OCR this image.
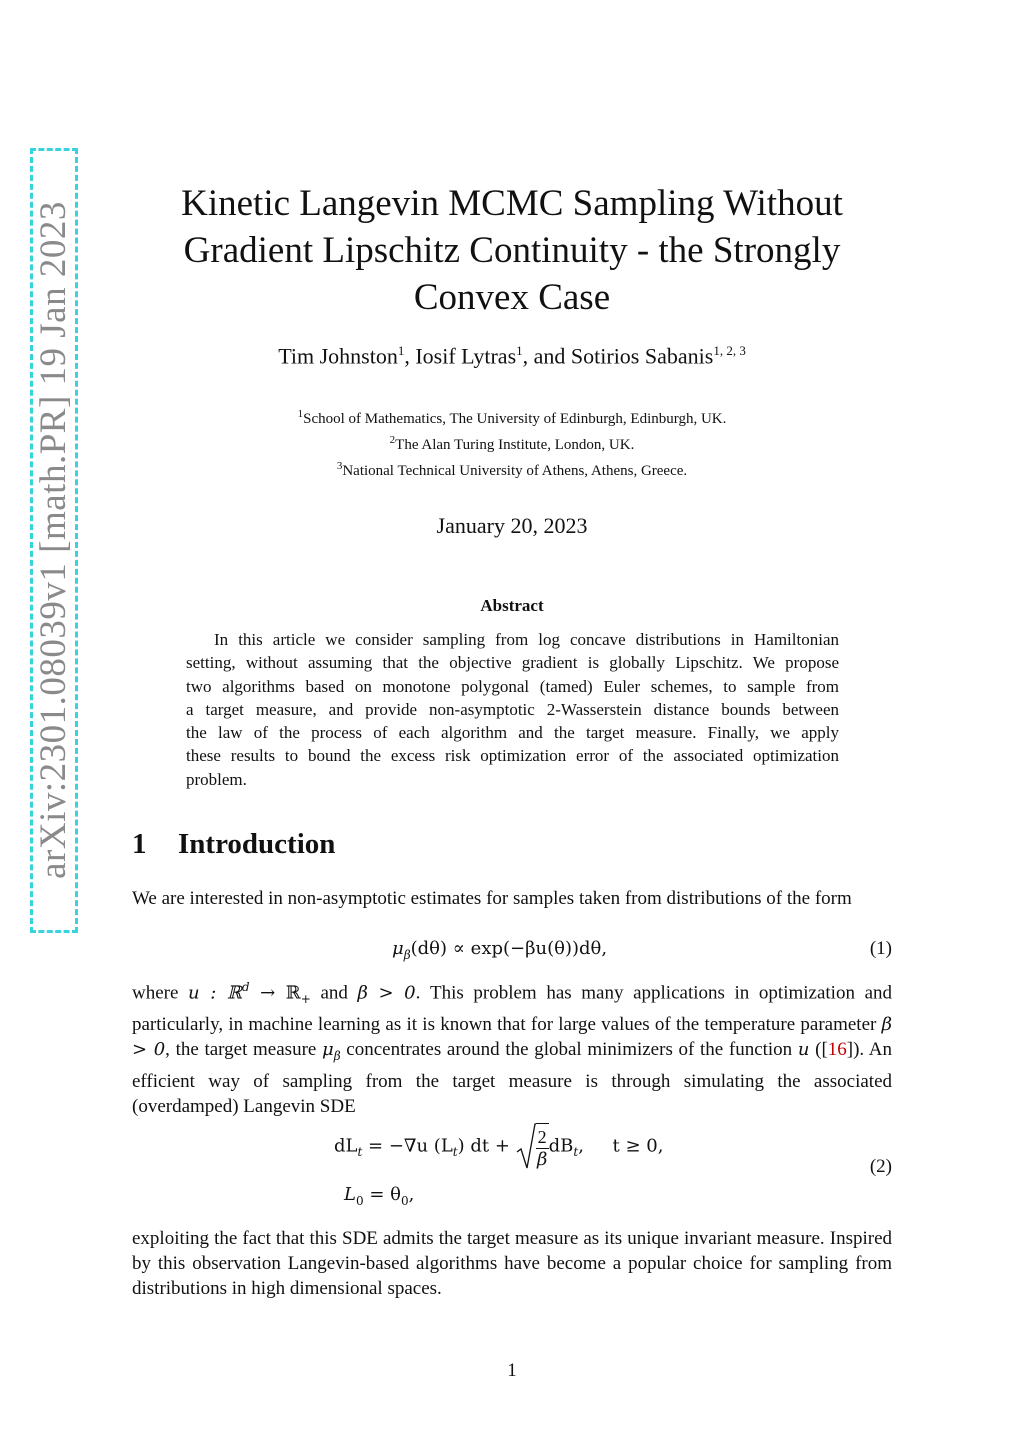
arXiv:2301.08039v1 [math.PR] 19 Jan 2023	Kinetic Langevin MCMC Sampling Without
Gradient Lipschitz Continuity - the Strongly
Convex Case
Tim Johnston$^1$, Iosif Lytras$^1$, and Sotirios Sabanis$^{1, 2, 3}$
$^1$School of Mathematics, The University of Edinburgh, Edinburgh, UK.
$^2$The Alan Turing Institute, London, UK.
$^3$National Technical University of Athens, Athens, Greece.
January 20, 2023
Abstract
In this article we consider sampling from log concave distributions in Hamiltonian
setting, without assuming that the objective gradient is globally Lipschitz. We propose
two algorithms based on monotone polygonal (tamed) Euler schemes, to sample from
a target measure, and provide non-asymptotic 2-Wasserstein distance bounds between
the law of the process of each algorithm and the target measure. Finally, we apply
these results to bound the excess risk optimization error of the associated optimization
problem.
1 Introduction

We are interested in non-asymptotic estimates for samples taken from distributions of the form

$\mu_\beta(d\theta) \propto \exp(-\beta u(\theta))d\theta$,	(1)

where u : ℝ$^d$ → ℝ$_+$ and β > 0. This problem has many applications in optimization and particularly, in machine learning as it is known that for large values of the temperature parameter β > 0, the target measure $\mu_\beta$ concentrates around the global minimizers of the function u ([16]). An efficient way of sampling from the target measure is through simulating the associated (overdamped) Langevin SDE

$dL_t = -\nabla u$ $(L_t)$ dt + $\frac{2}{\beta} dB_t$,     t ≥ 0,
(2)
$L_0 = \theta_0$,

exploiting the fact that this SDE admits the target measure as its unique invariant measure. Inspired by this observation Langevin-based algorithms have become a popular choice for sampling from distributions in high dimensional spaces.

1
